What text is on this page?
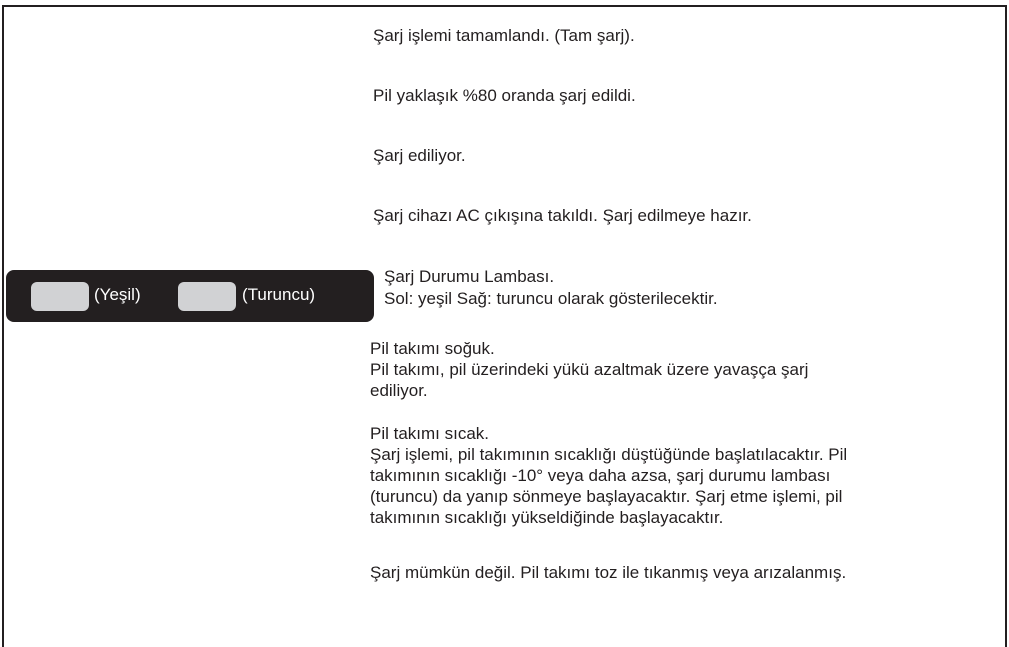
Şarj işlemi tamamlandı. (Tam şarj).
Pil yaklaşık %80 oranda şarj edildi.
Şarj ediliyor.
Şarj cihazı AC çıkışına takıldı. Şarj edilmeye hazır.
(Yeşil)	(Turuncu)
Şarj Durumu Lambası.
Sol: yeşil Sağ: turuncu olarak gösterilecektir.
Pil takımı soğuk.
Pil takımı, pil üzerindeki yükü azaltmak üzere yavaşça şarj
ediliyor.
Pil takımı sıcak.
Şarj işlemi, pil takımının sıcaklığı düştüğünde başlatılacaktır. Pil
takımının sıcaklığı -10° veya daha azsa, şarj durumu lambası
(turuncu) da yanıp sönmeye başlayacaktır. Şarj etme işlemi, pil
takımının sıcaklığı yükseldiğinde başlayacaktır.
Şarj mümkün değil. Pil takımı toz ile tıkanmış veya arızalanmış.
